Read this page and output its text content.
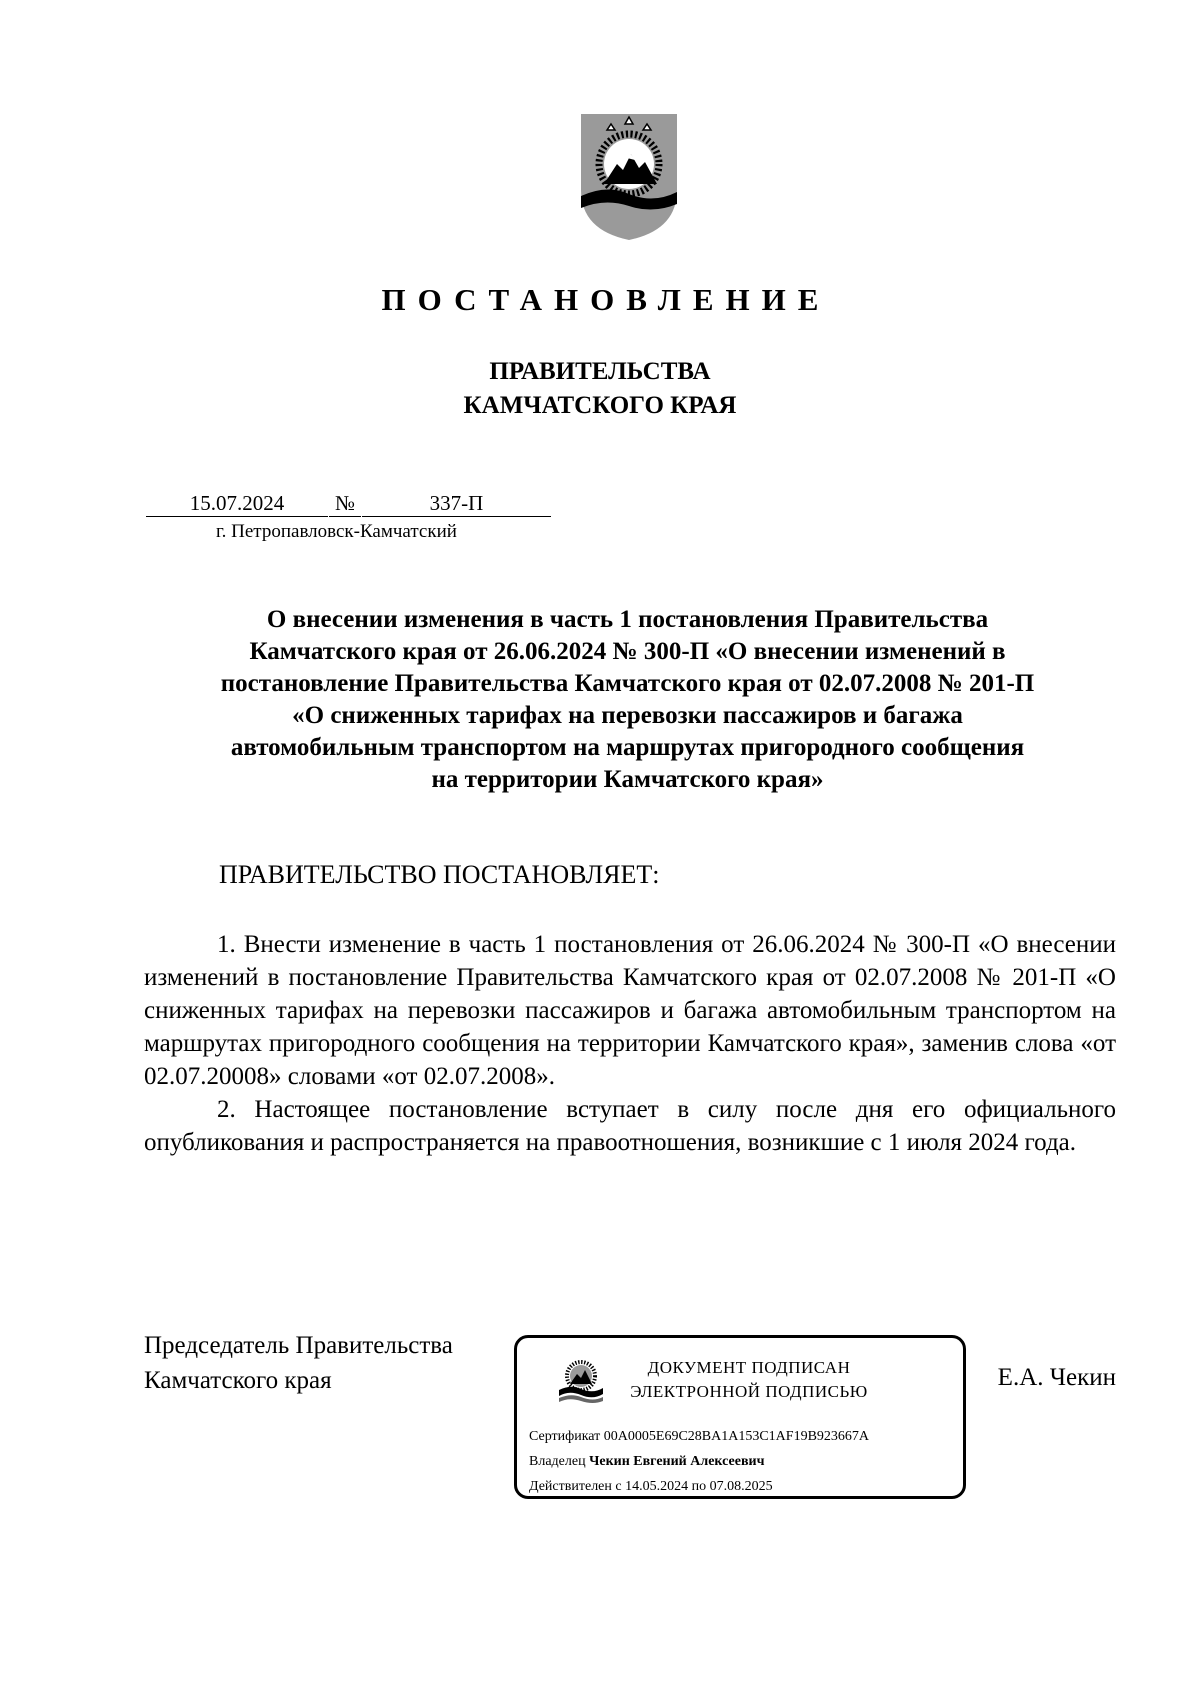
ПОСТАНОВЛЕНИЕ
ПРАВИТЕЛЬСТВА
КАМЧАТСКОГО КРАЯ
15.07.2024	№	337-П
г. Петропавловск-Камчатский
О внесении изменения в часть 1 постановления Правительства
Камчатского края от 26.06.2024 № 300-П «О внесении изменений в
постановление Правительства Камчатского края от 02.07.2008 № 201-П
«О сниженных тарифах на перевозки пассажиров и багажа
автомобильным транспортом на маршрутах пригородного сообщения
на территории Камчатского края»
ПРАВИТЕЛЬСТВО ПОСТАНОВЛЯЕТ:

1. Внести изменение в часть 1 постановления от 26.06.2024 № 300-П «О внесении изменений в постановление Правительства Камчатского края от 02.07.2008 № 201-П «О сниженных тарифах на перевозки пассажиров и багажа автомобильным транспортом на маршрутах пригородного сообщения на территории Камчатского края», заменив слова «от 02.07.20008» словами «от 02.07.2008».

2. Настоящее постановление вступает в силу после дня его официального опубликования и распространяется на правоотношения, возникшие с 1 июля 2024 года.

Председатель Правительства
Камчатского края	Е.А. Чекин
ДОКУМЕНТ ПОДПИСАН
ЭЛЕКТРОННОЙ ПОДПИСЬЮ
Сертификат 00A0005E69C28BA1A153C1AF19B923667A
Владелец Чекин Евгений Алексеевич
Действителен с 14.05.2024 по 07.08.2025
